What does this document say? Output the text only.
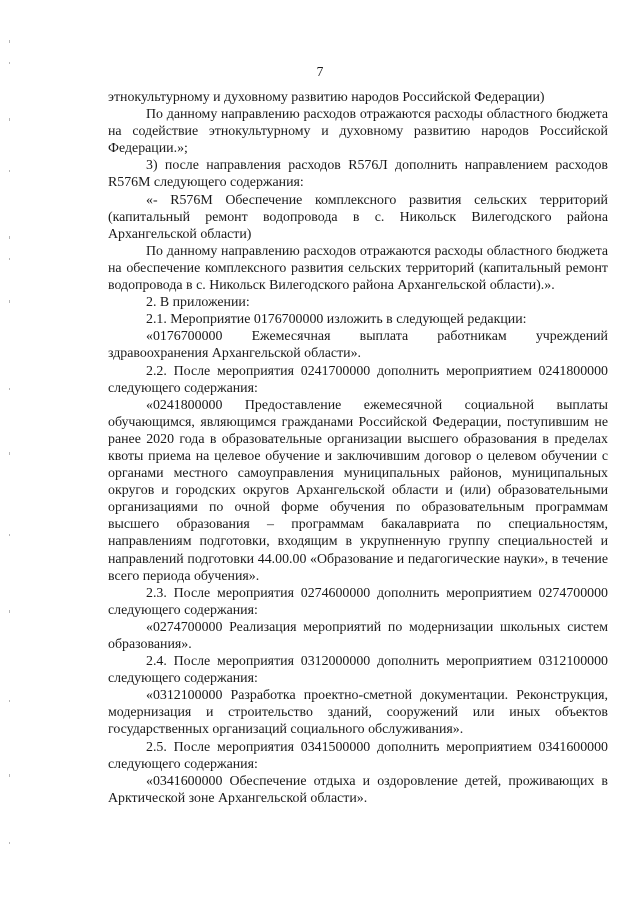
7

этнокультурному и духовному развитию народов Российской Федерации)

По данному направлению расходов отражаются расходы областного бюджета на содействие этнокультурному и духовному развитию народов Российской Федерации.»;

3) после направления расходов R576Л дополнить направлением расходов R576М следующего содержания:

«- R576М Обеспечение комплексного развития сельских территорий (капитальный ремонт водопровода в с. Никольск Вилегодского района Архангельской области)

По данному направлению расходов отражаются расходы областного бюджета на обеспечение комплексного развития сельских территорий (капитальный ремонт водопровода в с. Никольск Вилегодского района Архангельской области).».

2. В приложении:

2.1. Мероприятие 0176700000 изложить в следующей редакции:

«0176700000 Ежемесячная выплата работникам учреждений здравоохранения Архангельской области».

2.2. После мероприятия 0241700000 дополнить мероприятием 0241800000 следующего содержания:

«0241800000 Предоставление ежемесячной социальной выплаты обучающимся, являющимся гражданами Российской Федерации, поступившим не ранее 2020 года в образовательные организации высшего образования в пределах квоты приема на целевое обучение и заключившим договор о целевом обучении с органами местного самоуправления муниципальных районов, муниципальных округов и городских округов Архангельской области и (или) образовательными организациями по очной форме обучения по образовательным программам высшего образования – программам бакалавриата по специальностям, направлениям подготовки, входящим в укрупненную группу специальностей и направлений подготовки 44.00.00 «Образование и педагогические науки», в течение всего периода обучения».

2.3. После мероприятия 0274600000 дополнить мероприятием 0274700000 следующего содержания:

«0274700000 Реализация мероприятий по модернизации школьных систем образования».

2.4. После мероприятия 0312000000 дополнить мероприятием 0312100000 следующего содержания:

«0312100000 Разработка проектно-сметной документации. Реконструкция, модернизация и строительство зданий, сооружений или иных объектов государственных организаций социального обслуживания».

2.5. После мероприятия 0341500000 дополнить мероприятием 0341600000 следующего содержания:

«0341600000 Обеспечение отдыха и оздоровление детей, проживающих в Арктической зоне Архангельской области».
